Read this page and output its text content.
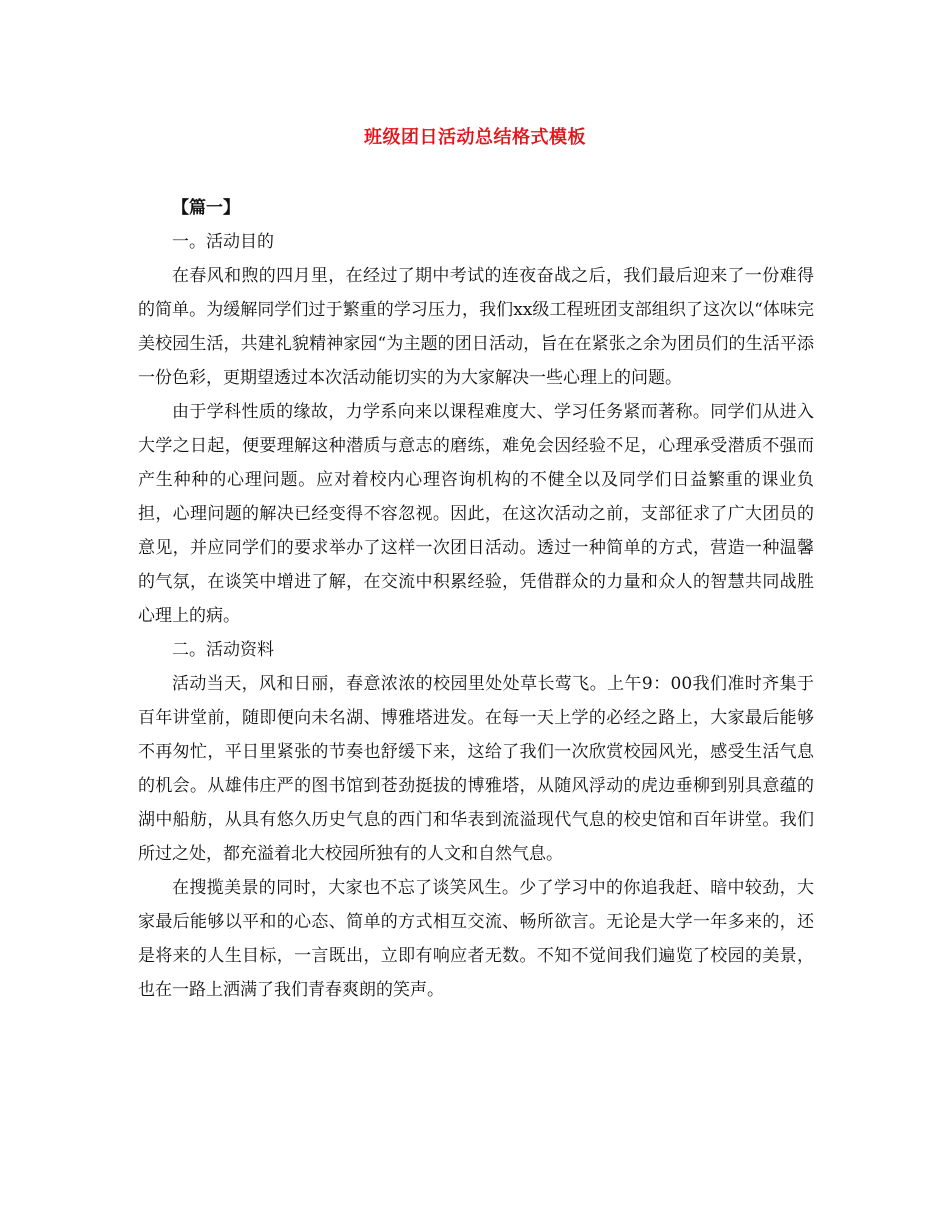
班级团日活动总结格式模板

【篇一】

一。活动目的

在春风和煦的四月里，在经过了期中考试的连夜奋战之后，我们最后迎来了一份难得的简单。为缓解同学们过于繁重的学习压力，我们xx级工程班团支部组织了这次以“体味完美校园生活，共建礼貌精神家园“为主题的团日活动，旨在在紧张之余为团员们的生活平添一份色彩，更期望透过本次活动能切实的为大家解决一些心理上的问题。

由于学科性质的缘故，力学系向来以课程难度大、学习任务紧而著称。同学们从进入大学之日起，便要理解这种潜质与意志的磨练，难免会因经验不足，心理承受潜质不强而产生种种的心理问题。应对着校内心理咨询机构的不健全以及同学们日益繁重的课业负担，心理问题的解决已经变得不容忽视。因此，在这次活动之前，支部征求了广大团员的意见，并应同学们的要求举办了这样一次团日活动。透过一种简单的方式，营造一种温馨的气氛，在谈笑中增进了解，在交流中积累经验，凭借群众的力量和众人的智慧共同战胜心理上的病。

二。活动资料

活动当天，风和日丽，春意浓浓的校园里处处草长莺飞。上午9：00我们准时齐集于百年讲堂前，随即便向未名湖、博雅塔进发。在每一天上学的必经之路上，大家最后能够不再匆忙，平日里紧张的节奏也舒缓下来，这给了我们一次欣赏校园风光，感受生活气息的机会。从雄伟庄严的图书馆到苍劲挺拔的博雅塔，从随风浮动的虎边垂柳到别具意蕴的湖中船舫，从具有悠久历史气息的西门和华表到流溢现代气息的校史馆和百年讲堂。我们所过之处，都充溢着北大校园所独有的人文和自然气息。

在搜揽美景的同时，大家也不忘了谈笑风生。少了学习中的你追我赶、暗中较劲，大家最后能够以平和的心态、简单的方式相互交流、畅所欲言。无论是大学一年多来的，还是将来的人生目标，一言既出，立即有响应者无数。不知不觉间我们遍览了校园的美景，也在一路上洒满了我们青春爽朗的笑声。
